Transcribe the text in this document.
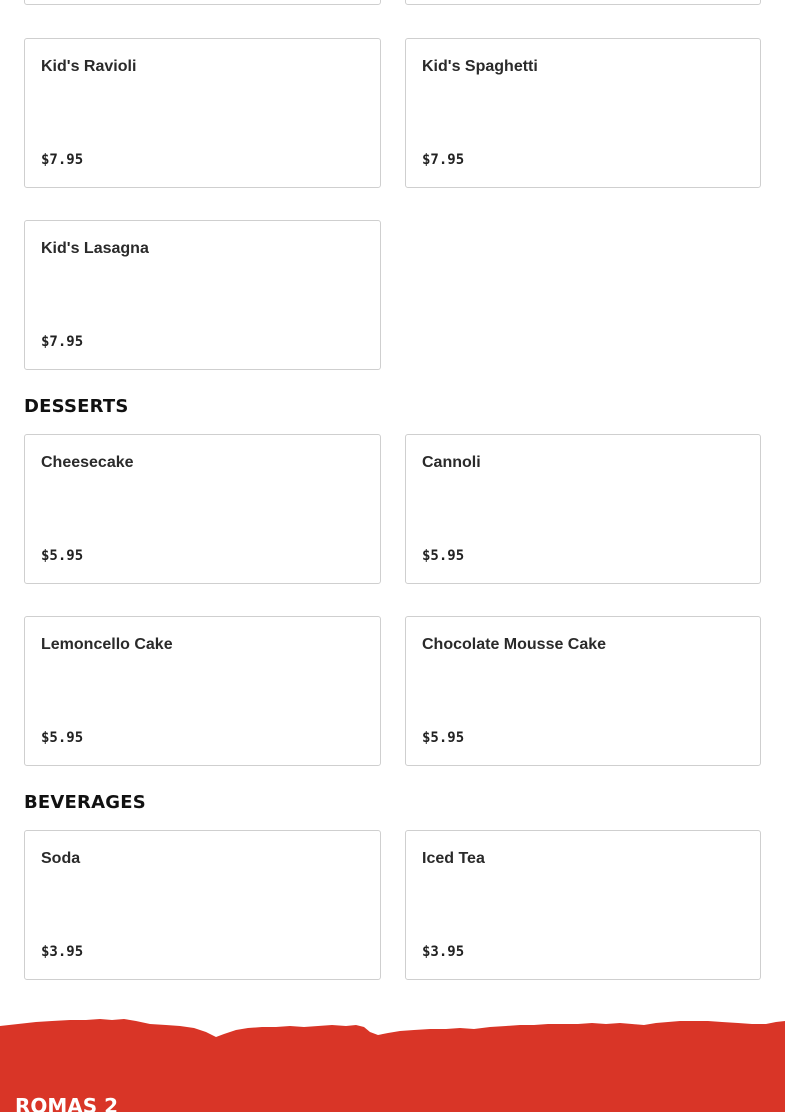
Kid's Ravioli
$7.95
Kid's Spaghetti
$7.95
Kid's Lasagna
$7.95
DESSERTS
Cheesecake
$5.95
Cannoli
$5.95
Lemoncello Cake
$5.95
Chocolate Mousse Cake
$5.95
BEVERAGES
Soda
$3.95
Iced Tea
$3.95
ROMAS 2
